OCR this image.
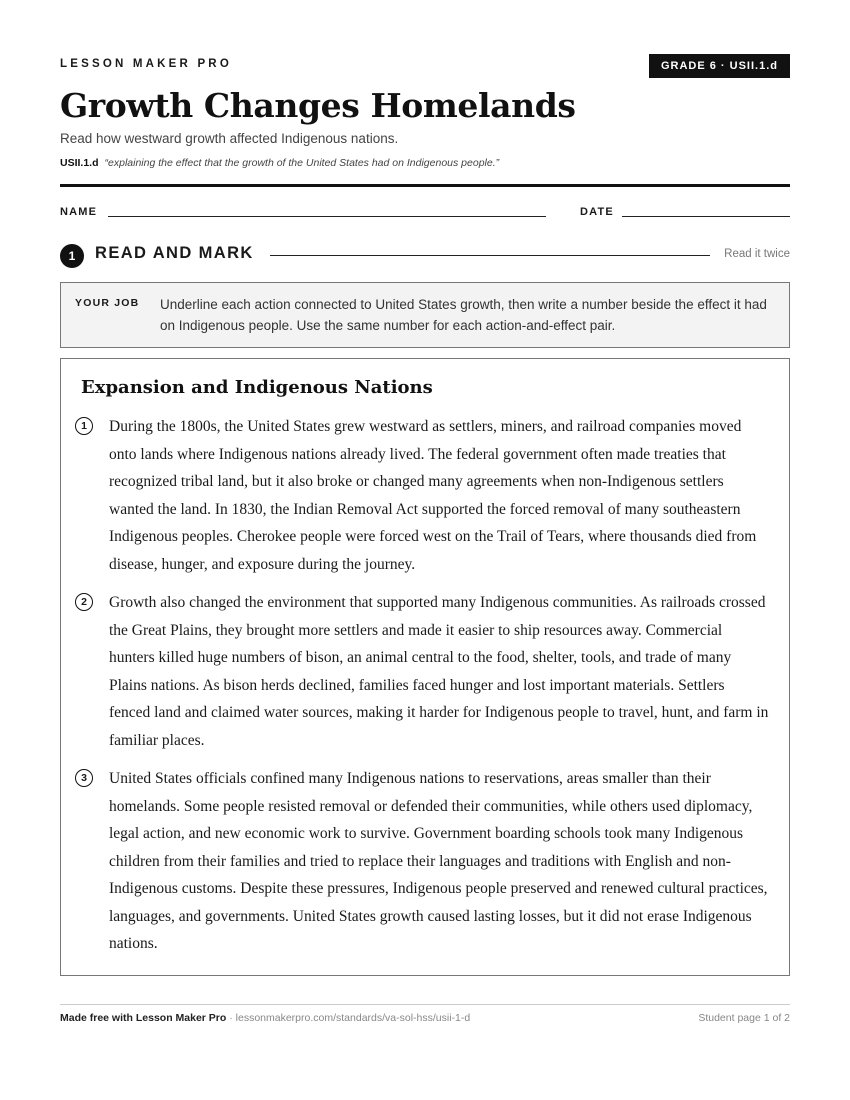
LESSON MAKER PRO	GRADE 6 · USII.1.d
Growth Changes Homelands
Read how westward growth affected Indigenous nations.
USII.1.d “explaining the effect that the growth of the United States had on Indigenous people.”
NAME	DATE
1	READ AND MARK	Read it twice
YOUR JOB Underline each action connected to United States growth, then write a number beside the effect it had on Indigenous people. Use the same number for each action-and-effect pair.
Expansion and Indigenous Nations
1	During the 1800s, the United States grew westward as settlers, miners, and railroad companies moved onto lands where Indigenous nations already lived. The federal government often made treaties that recognized tribal land, but it also broke or changed many agreements when non-Indigenous settlers wanted the land. In 1830, the Indian Removal Act supported the forced removal of many southeastern Indigenous peoples. Cherokee people were forced west on the Trail of Tears, where thousands died from disease, hunger, and exposure during the journey.

2	Growth also changed the environment that supported many Indigenous communities. As railroads crossed the Great Plains, they brought more settlers and made it easier to ship resources away. Commercial hunters killed huge numbers of bison, an animal central to the food, shelter, tools, and trade of many Plains nations. As bison herds declined, families faced hunger and lost important materials. Settlers fenced land and claimed water sources, making it harder for Indigenous people to travel, hunt, and farm in familiar places.

3	United States officials confined many Indigenous nations to reservations, areas smaller than their homelands. Some people resisted removal or defended their communities, while others used diplomacy, legal action, and new economic work to survive. Government boarding schools took many Indigenous children from their families and tried to replace their languages and traditions with English and non-Indigenous customs. Despite these pressures, Indigenous people preserved and renewed cultural practices, languages, and governments. United States growth caused lasting losses, but it did not erase Indigenous nations.

Made free with Lesson Maker Pro · lessonmakerpro.com/standards/va-sol-hss/usii-1-d	Student page 1 of 2
